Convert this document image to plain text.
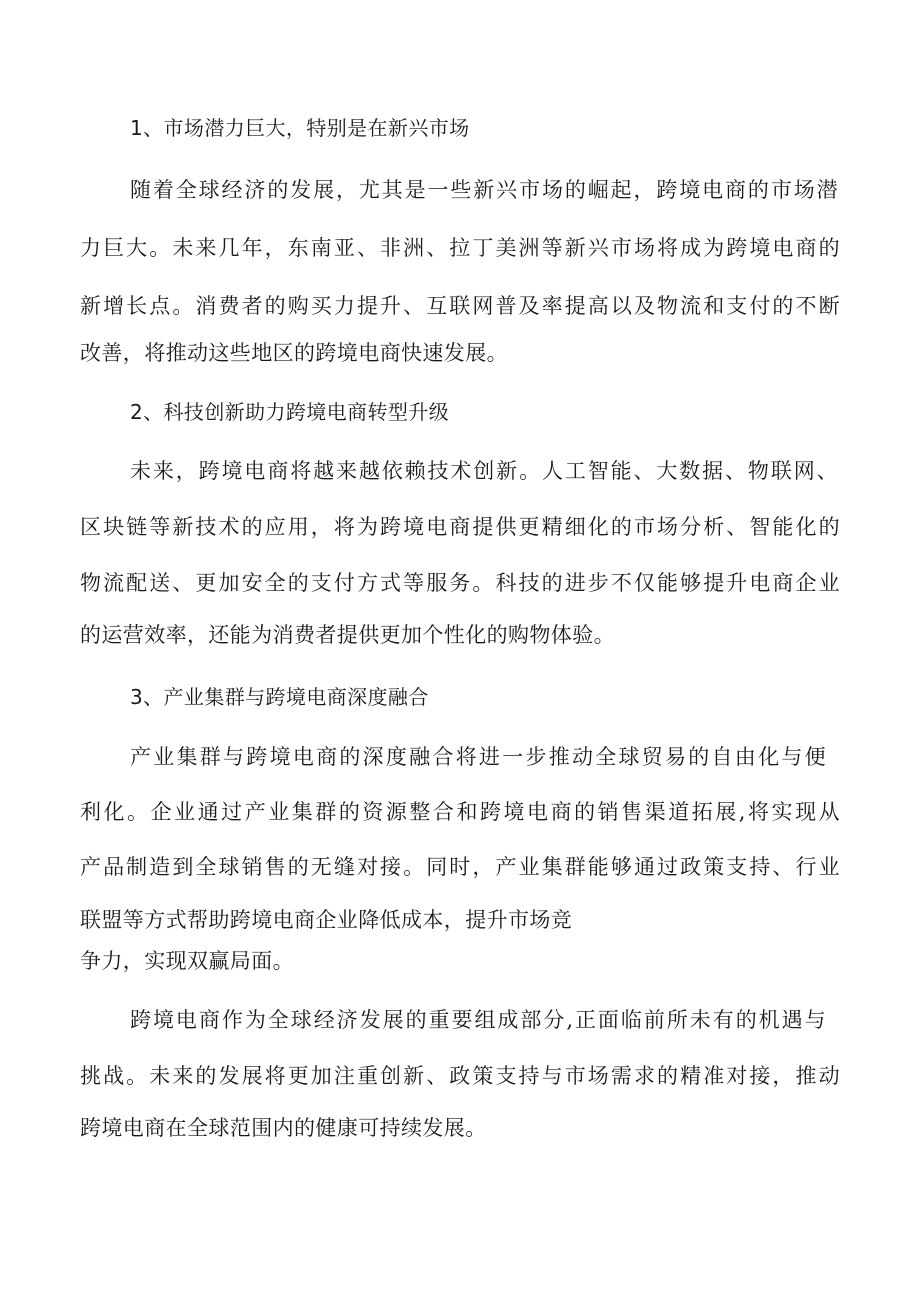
1、市场潜力巨大，特别是在新兴市场
随着全球经济的发展，尤其是一些新兴市场的崛起，跨境电商的市场潜
力巨大。未来几年，东南亚、非洲、拉丁美洲等新兴市场将成为跨境电商的
新增长点。消费者的购买力提升、互联网普及率提高以及物流和支付的不断
改善，将推动这些地区的跨境电商快速发展。
2、科技创新助力跨境电商转型升级
未来，跨境电商将越来越依赖技术创新。人工智能、大数据、物联网、
区块链等新技术的应用，将为跨境电商提供更精细化的市场分析、智能化的
物流配送、更加安全的支付方式等服务。科技的进步不仅能够提升电商企业
的运营效率，还能为消费者提供更加个性化的购物体验。
3、产业集群与跨境电商深度融合
产业集群与跨境电商的深度融合将进一步推动全球贸易的自由化与便
利化。企业通过产业集群的资源整合和跨境电商的销售渠道拓展,将实现从
产品制造到全球销售的无缝对接。同时，产业集群能够通过政策支持、行业
联盟等方式帮助跨境电商企业降低成本，提升市场竞
争力，实现双赢局面。
跨境电商作为全球经济发展的重要组成部分,正面临前所未有的机遇与
挑战。未来的发展将更加注重创新、政策支持与市场需求的精准对接，推动
跨境电商在全球范围内的健康可持续发展。
